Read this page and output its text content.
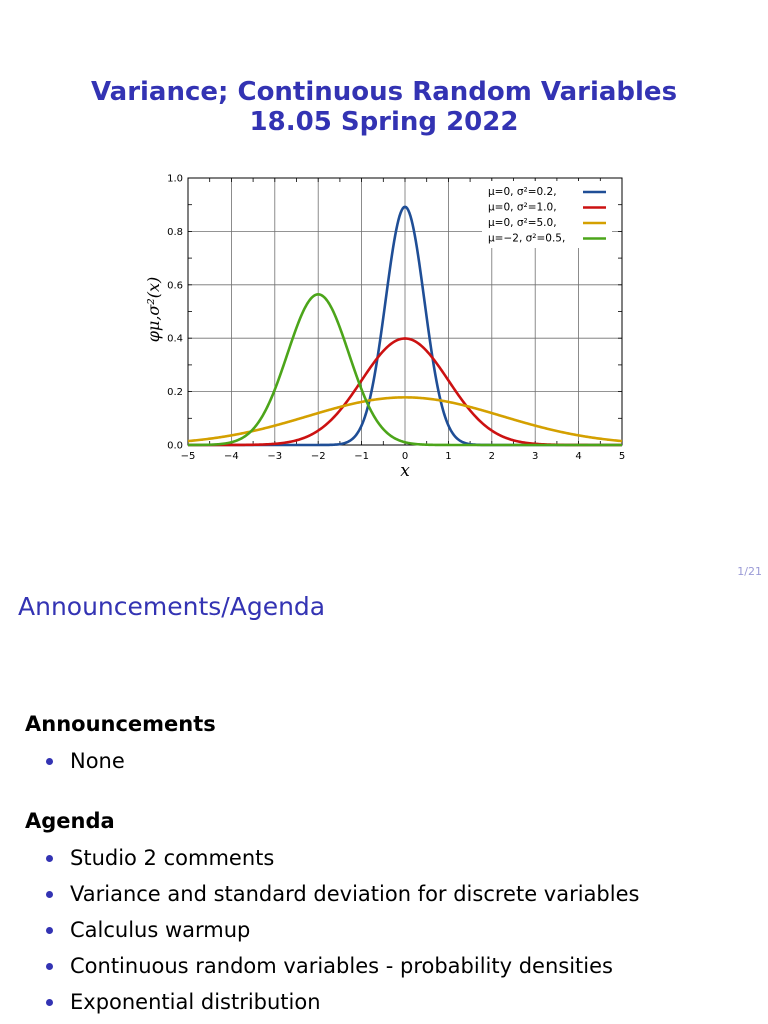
Variance; Continuous Random Variables
18.05 Spring 2022
−5	−4	−3	−2	−1	0	1	2	3	4	5
0.0
0.2
0.4
0.6
0.8
1.0
x
φμ,σ²(x)
μ=0, σ²=0.2,
μ=0, σ²=1.0,
μ=0, σ²=5.0,
μ=−2, σ²=0.5,
1/21
Announcements/Agenda
Announcements
None
Agenda
Studio 2 comments
Variance and standard deviation for discrete variables
Calculus warmup
Continuous random variables - probability densities
Exponential distribution
